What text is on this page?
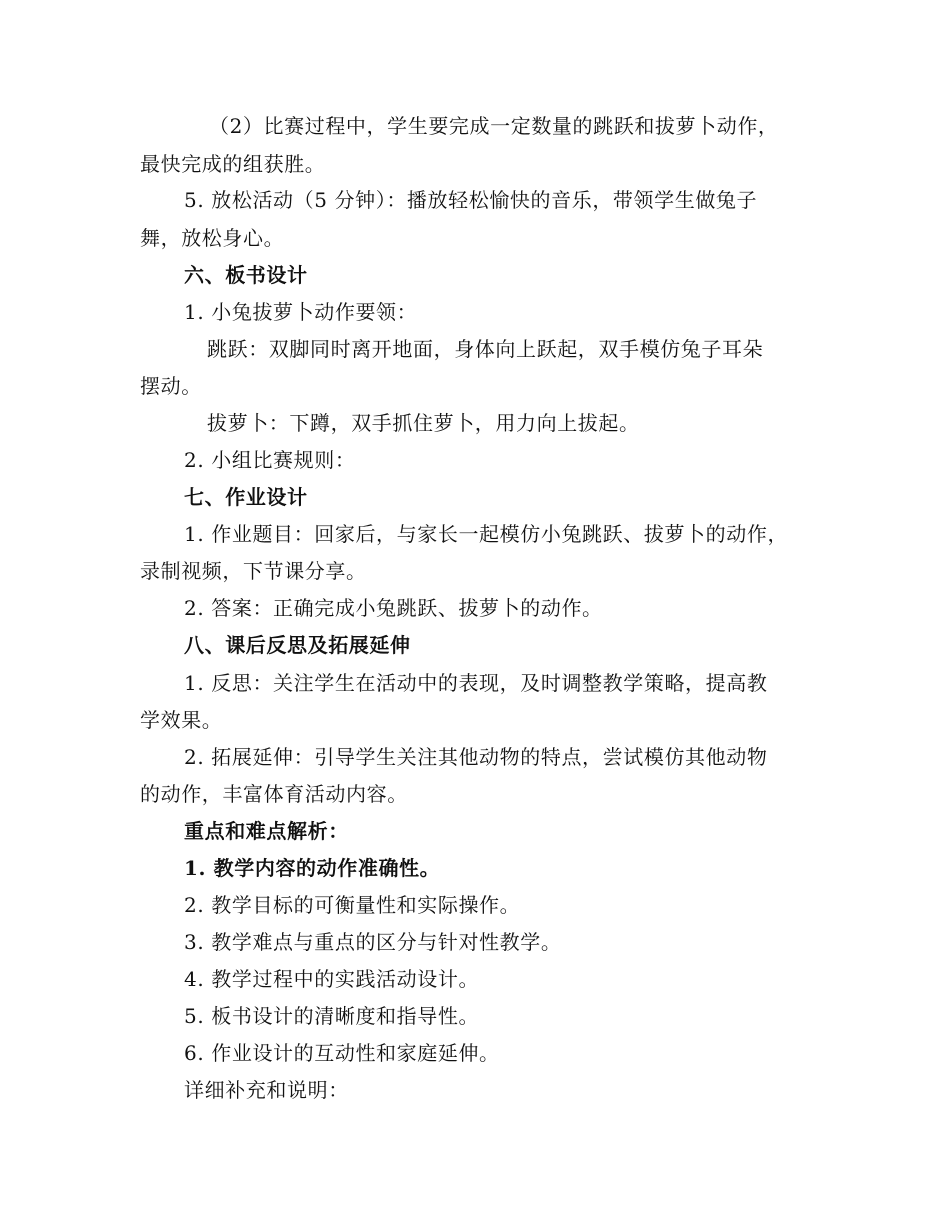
（2）比赛过程中，学生要完成一定数量的跳跃和拔萝卜动作，
最快完成的组获胜。
5. 放松活动（5 分钟）：播放轻松愉快的音乐，带领学生做兔子
舞，放松身心。
六、板书设计
1. 小兔拔萝卜动作要领：
跳跃：双脚同时离开地面，身体向上跃起，双手模仿兔子耳朵
摆动。
拔萝卜：下蹲，双手抓住萝卜，用力向上拔起。
2. 小组比赛规则：
七、作业设计
1. 作业题目：回家后，与家长一起模仿小兔跳跃、拔萝卜的动作，
录制视频，下节课分享。
2. 答案：正确完成小兔跳跃、拔萝卜的动作。
八、课后反思及拓展延伸
1. 反思：关注学生在活动中的表现，及时调整教学策略，提高教
学效果。
2. 拓展延伸：引导学生关注其他动物的特点，尝试模仿其他动物
的动作，丰富体育活动内容。
重点和难点解析：
1. 教学内容的动作准确性。
2. 教学目标的可衡量性和实际操作。
3. 教学难点与重点的区分与针对性教学。
4. 教学过程中的实践活动设计。
5. 板书设计的清晰度和指导性。
6. 作业设计的互动性和家庭延伸。
详细补充和说明：
